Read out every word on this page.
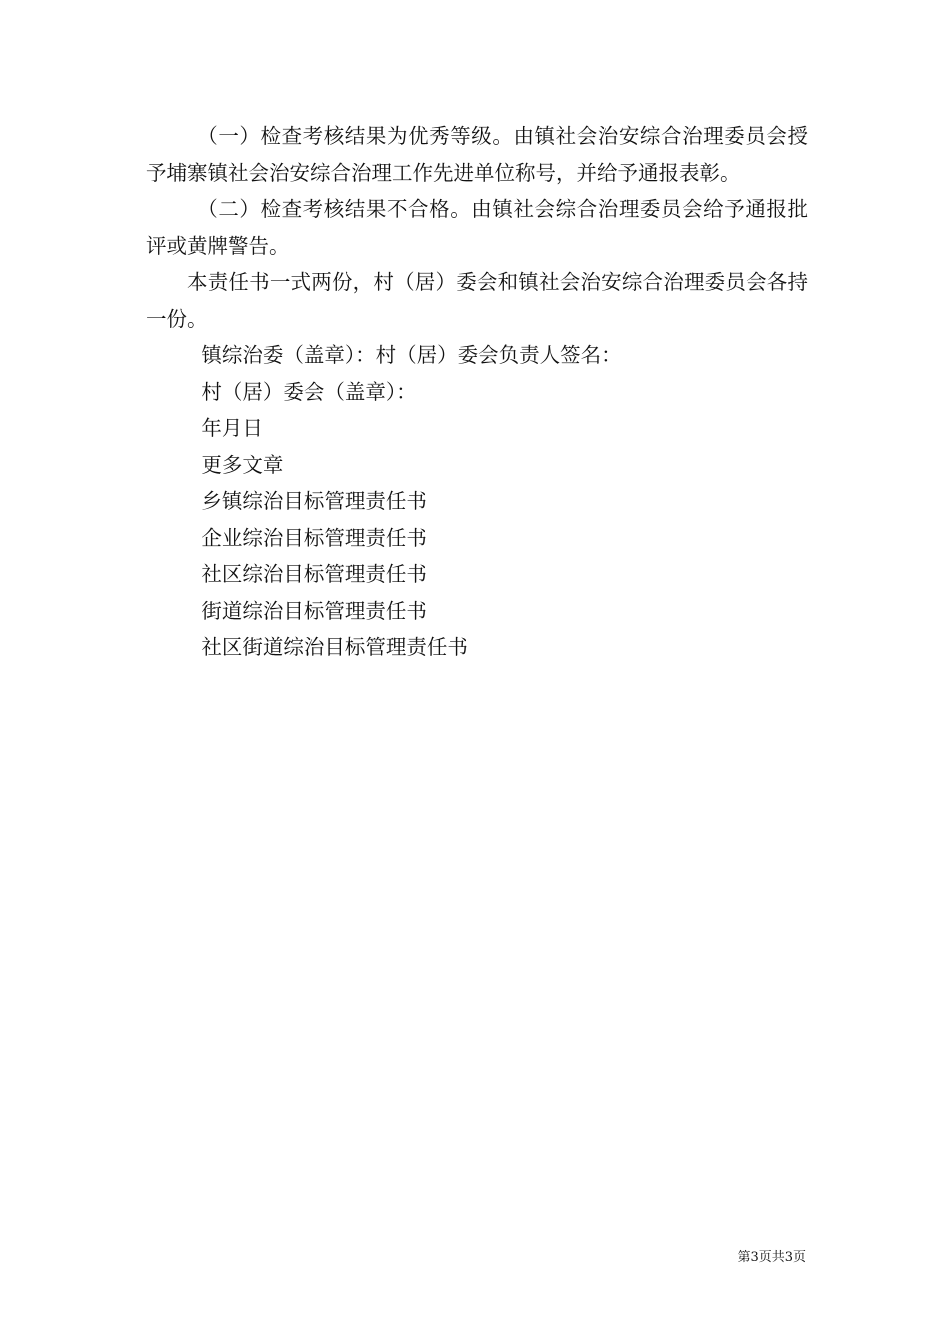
（一）检查考核结果为优秀等级。由镇社会治安综合治理委员会授予埔寨镇社会治安综合治理工作先进单位称号，并给予通报表彰。

（二）检查考核结果不合格。由镇社会综合治理委员会给予通报批评或黄牌警告。

本责任书一式两份，村（居）委会和镇社会治安综合治理委员会各持一份。

镇综治委（盖章）：村（居）委会负责人签名：

村（居）委会（盖章）：

年月日

更多文章

乡镇综治目标管理责任书

企业综治目标管理责任书

社区综治目标管理责任书

街道综治目标管理责任书

社区街道综治目标管理责任书

第3页共3页
